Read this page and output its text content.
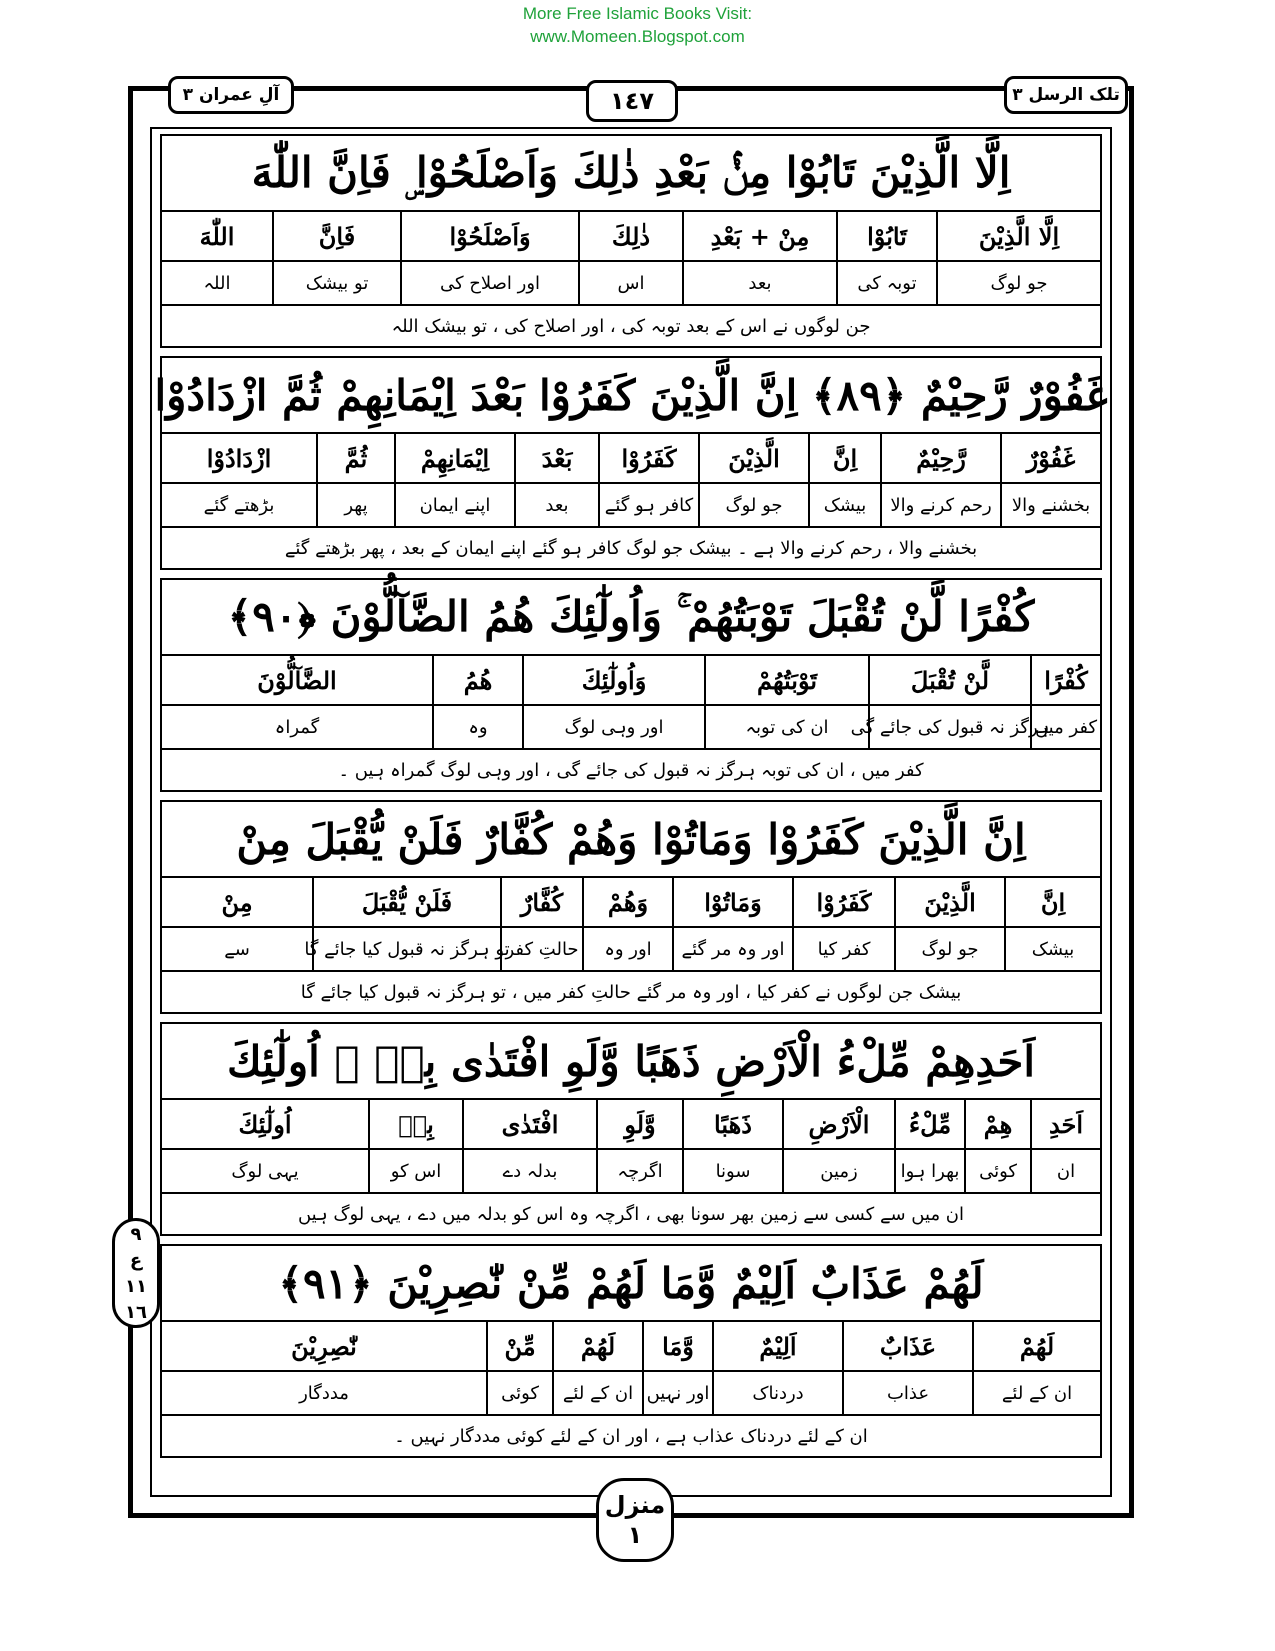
More Free Islamic Books Visit:
www.Momeen.Blogspot.com
آلِ عمران ٣	١٤٧	تلک الرسل ٣
٩
ع
١١
١٦
اِلَّا الَّذِيْنَ تَابُوْا مِنْۢ بَعْدِ ذٰلِكَ وَاَصْلَحُوْا ۣ فَاِنَّ اللّٰهَ
اِلَّا الَّذِيْنَ
تَابُوْا
مِنْ + بَعْدِ
ذٰلِكَ
وَاَصْلَحُوْا
فَاِنَّ
اللّٰهَ
جو لوگ
توبہ کی
بعد
اس
اور اصلاح کی
تو بیشک
اللہ
جن لوگوں نے اس کے بعد توبہ کی ، اور اصلاح کی ، تو بیشک اللہ
غَفُوْرٌ رَّحِيْمٌ ﴿٨٩﴾ اِنَّ الَّذِيْنَ كَفَرُوْا بَعْدَ اِيْمَانِهِمْ ثُمَّ ازْدَادُوْا
غَفُوْرٌ
رَّحِيْمٌ
اِنَّ
الَّذِيْنَ
كَفَرُوْا
بَعْدَ
اِيْمَانِهِمْ
ثُمَّ
ازْدَادُوْا
بخشنے والا
رحم کرنے والا
بیشک
جو لوگ
کافر ہو گئے
بعد
اپنے ایمان
پھر
بڑھتے گئے
بخشنے والا ، رحم کرنے والا ہے ۔ بیشک جو لوگ کافر ہو گئے اپنے ایمان کے بعد ، پھر بڑھتے گئے
كُفْرًا لَّنْ تُقْبَلَ تَوْبَتُهُمْ ۚ وَاُولٰٓئِكَ هُمُ الضَّآلُّوْنَ ﴿٩٠﴾
كُفْرًا
لَّنْ تُقْبَلَ
تَوْبَتُهُمْ
وَاُولٰٓئِكَ
هُمُ
الضَّآلُّوْنَ
کفر میں
ہرگز نہ قبول کی جائے گی
ان کی توبہ
اور وہی لوگ
وہ
گمراہ
کفر میں ، ان کی توبہ ہرگز نہ قبول کی جائے گی ، اور وہی لوگ گمراہ ہیں ۔
اِنَّ الَّذِيْنَ كَفَرُوْا وَمَاتُوْا وَهُمْ كُفَّارٌ فَلَنْ يُّقْبَلَ مِنْ
اِنَّ
الَّذِيْنَ
كَفَرُوْا
وَمَاتُوْا
وَهُمْ
كُفَّارٌ
فَلَنْ يُّقْبَلَ
مِنْ
بیشک
جو لوگ
کفر کیا
اور وہ مر گئے
اور وہ
حالتِ کفر
تو ہرگز نہ قبول کیا جائے گا
سے
بیشک جن لوگوں نے کفر کیا ، اور وہ مر گئے حالتِ کفر میں ، تو ہرگز نہ قبول کیا جائے گا
اَحَدِهِمْ مِّلْءُ الْاَرْضِ ذَهَبًا وَّلَوِ افْتَدٰى بِهٖ ۭ اُولٰٓئِكَ
اَحَدِ
هِمْ
مِّلْءُ
الْاَرْضِ
ذَهَبًا
وَّلَوِ
افْتَدٰى
بِهٖ
اُولٰٓئِكَ
ان
کوئی
بھرا ہوا
زمین
سونا
اگرچہ
بدلہ دے
اس کو
یہی لوگ
ان میں سے کسی سے زمین بھر سونا بھی ، اگرچہ وہ اس کو بدلہ میں دے ، یہی لوگ ہیں
لَهُمْ عَذَابٌ اَلِيْمٌ وَّمَا لَهُمْ مِّنْ نّٰصِرِيْنَ ﴿٩١﴾
لَهُمْ
عَذَابٌ
اَلِيْمٌ
وَّمَا
لَهُمْ
مِّنْ
نّٰصِرِيْنَ
ان کے لئے
عذاب
دردناک
اور نہیں
ان کے لئے
کوئی
مددگار
ان کے لئے دردناک عذاب ہے ، اور ان کے لئے کوئی مددگار نہیں ۔
منزل
١
